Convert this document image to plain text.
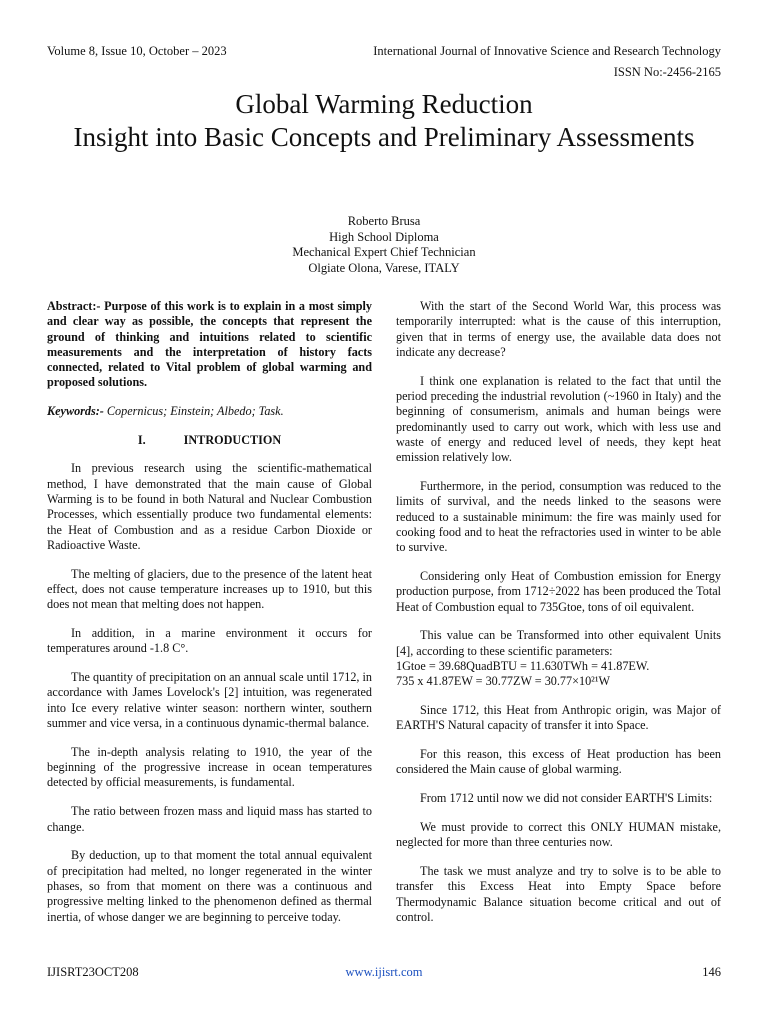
Volume 8, Issue 10, October – 2023	International Journal of Innovative Science and Research Technology
ISSN No:-2456-2165
Global Warming Reduction
Insight into Basic Concepts and Preliminary Assessments
Roberto Brusa
High School Diploma
Mechanical Expert Chief Technician
Olgiate Olona, Varese, ITALY

Abstract:- Purpose of this work is to explain in a most simply and clear way as possible, the concepts that represent the ground of thinking and intuitions related to scientific measurements and the interpretation of history facts connected, related to Vital problem of global warming and proposed solutions.

Keywords:- Copernicus; Einstein; Albedo; Task.

I.	INTRODUCTION

In previous research using the scientific-mathematical method, I have demonstrated that the main cause of Global Warming is to be found in both Natural and Nuclear Combustion Processes, which essentially produce two fundamental elements: the Heat of Combustion and as a residue Carbon Dioxide or Radioactive Waste.

The melting of glaciers, due to the presence of the latent heat effect, does not cause temperature increases up to 1910, but this does not mean that melting does not happen.

In addition, in a marine environment it occurs for temperatures around -1.8 C°.

The quantity of precipitation on an annual scale until 1712, in accordance with James Lovelock's [2] intuition, was regenerated into Ice every relative winter season: northern winter, southern summer and vice versa, in a continuous dynamic-thermal balance.

The in-depth analysis relating to 1910, the year of the beginning of the progressive increase in ocean temperatures detected by official measurements, is fundamental.

The ratio between frozen mass and liquid mass has started to change.

By deduction, up to that moment the total annual equivalent of precipitation had melted, no longer regenerated in the winter phases, so from that moment on there was a continuous and progressive melting linked to the phenomenon defined as thermal inertia, of whose danger we are beginning to perceive today.

With the start of the Second World War, this process was temporarily interrupted: what is the cause of this interruption, given that in terms of energy use, the available data does not indicate any decrease?

I think one explanation is related to the fact that until the period preceding the industrial revolution (~1960 in Italy) and the beginning of consumerism, animals and human beings were predominantly used to carry out work, which with less use and waste of energy and reduced level of needs, they kept heat emission relatively low.

Furthermore, in the period, consumption was reduced to the limits of survival, and the needs linked to the seasons were reduced to a sustainable minimum: the fire was mainly used for cooking food and to heat the refractories used in winter to be able to survive.

Considering only Heat of Combustion emission for Energy production purpose, from 1712÷2022 has been produced the Total Heat of Combustion equal to 735Gtoe, tons of oil equivalent.

This value can be Transformed into other equivalent Units [4], according to these scientific parameters:
1Gtoe = 39.68QuadBTU = 11.630TWh = 41.87EW.
735 x 41.87EW = 30.77ZW = 30.77×10²¹W

Since 1712, this Heat from Anthropic origin, was Major of EARTH'S Natural capacity of transfer it into Space.

For this reason, this excess of Heat production has been considered the Main cause of global warming.

From 1712 until now we did not consider EARTH'S Limits:

We must provide to correct this ONLY HUMAN mistake, neglected for more than three centuries now.

The task we must analyze and try to solve is to be able to transfer this Excess Heat into Empty Space before Thermodynamic Balance situation become critical and out of control.

IJISRT23OCT208	www.ijisrt.com	146
